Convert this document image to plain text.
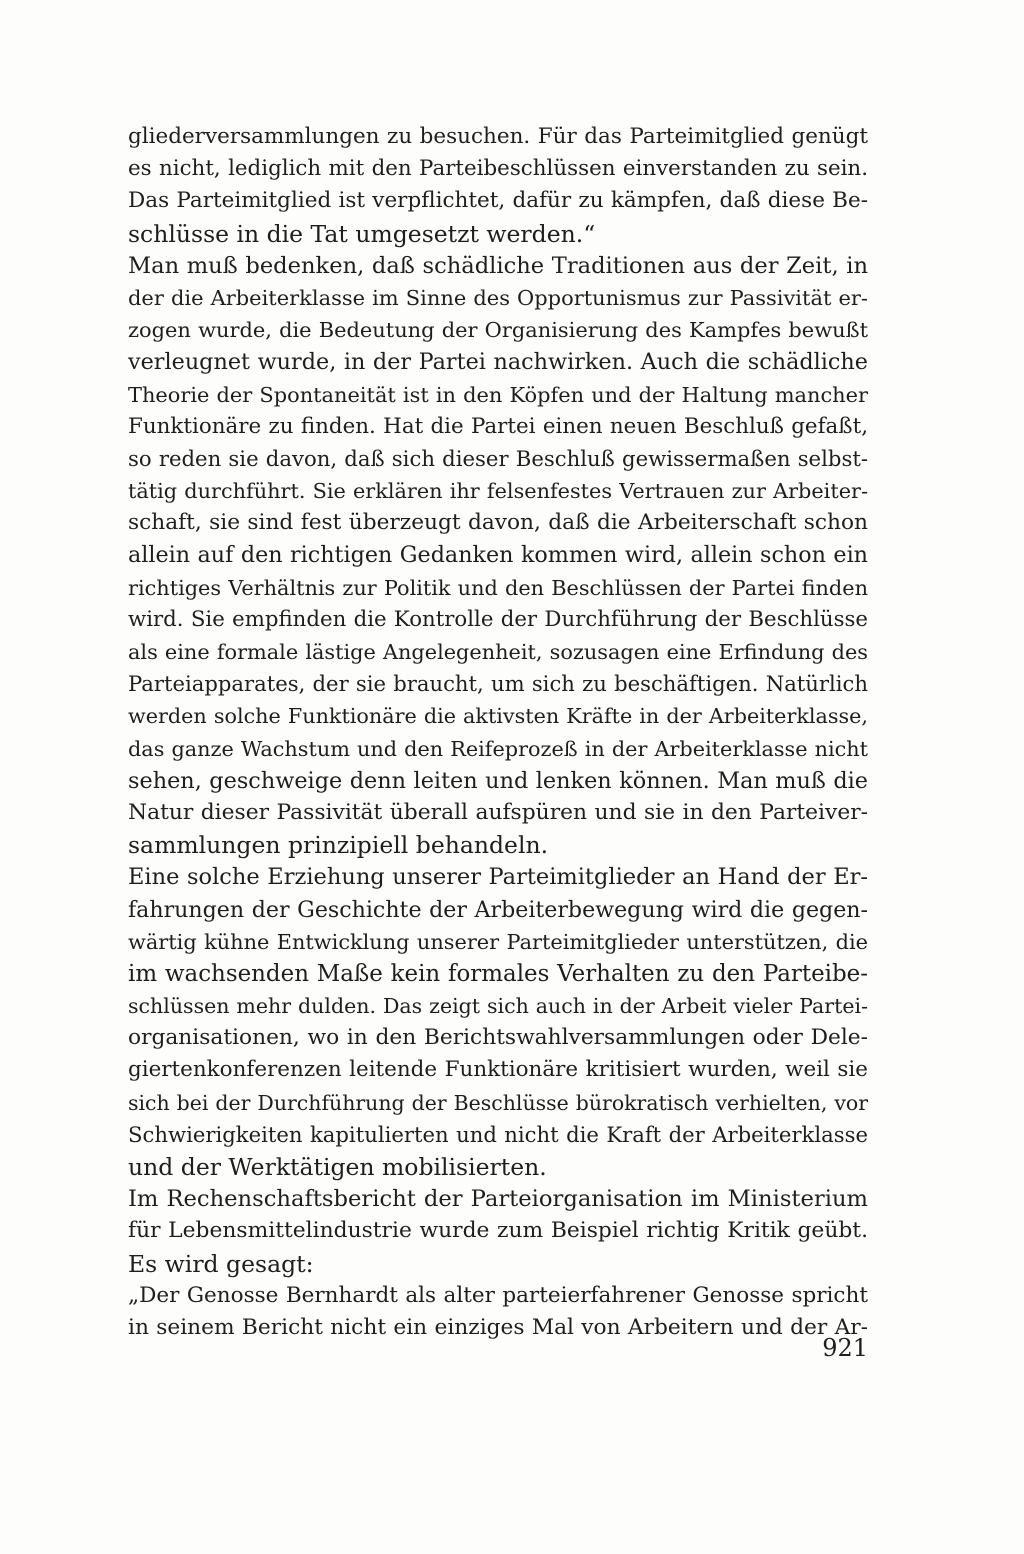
gliederversammlungen zu besuchen. Für das Parteimitglied genügt
es nicht, lediglich mit den Parteibeschlüssen einverstanden zu sein.
Das Parteimitglied ist verpflichtet, dafür zu kämpfen, daß diese Be-
schlüsse in die Tat umgesetzt werden.“
Man muß bedenken, daß schädliche Traditionen aus der Zeit, in
der die Arbeiterklasse im Sinne des Opportunismus zur Passivität er-
zogen wurde, die Bedeutung der Organisierung des Kampfes bewußt
verleugnet wurde, in der Partei nachwirken. Auch die schädliche
Theorie der Spontaneität ist in den Köpfen und der Haltung mancher
Funktionäre zu finden. Hat die Partei einen neuen Beschluß gefaßt,
so reden sie davon, daß sich dieser Beschluß gewissermaßen selbst-
tätig durchführt. Sie erklären ihr felsenfestes Vertrauen zur Arbeiter-
schaft, sie sind fest überzeugt davon, daß die Arbeiterschaft schon
allein auf den richtigen Gedanken kommen wird, allein schon ein
richtiges Verhältnis zur Politik und den Beschlüssen der Partei finden
wird. Sie empfinden die Kontrolle der Durchführung der Beschlüsse
als eine formale lästige Angelegenheit, sozusagen eine Erfindung des
Parteiapparates, der sie braucht, um sich zu beschäftigen. Natürlich
werden solche Funktionäre die aktivsten Kräfte in der Arbeiterklasse,
das ganze Wachstum und den Reifeprozeß in der Arbeiterklasse nicht
sehen, geschweige denn leiten und lenken können. Man muß die
Natur dieser Passivität überall aufspüren und sie in den Parteiver-
sammlungen prinzipiell behandeln.
Eine solche Erziehung unserer Parteimitglieder an Hand der Er-
fahrungen der Geschichte der Arbeiterbewegung wird die gegen-
wärtig kühne Entwicklung unserer Parteimitglieder unterstützen, die
im wachsenden Maße kein formales Verhalten zu den Parteibe-
schlüssen mehr dulden. Das zeigt sich auch in der Arbeit vieler Partei-
organisationen, wo in den Berichtswahlversammlungen oder Dele-
giertenkonferenzen leitende Funktionäre kritisiert wurden, weil sie
sich bei der Durchführung der Beschlüsse bürokratisch verhielten, vor
Schwierigkeiten kapitulierten und nicht die Kraft der Arbeiterklasse
und der Werktätigen mobilisierten.
Im Rechenschaftsbericht der Parteiorganisation im Ministerium
für Lebensmittelindustrie wurde zum Beispiel richtig Kritik geübt.
Es wird gesagt:
„Der Genosse Bernhardt als alter parteierfahrener Genosse spricht
in seinem Bericht nicht ein einziges Mal von Arbeitern und der Ar-
921
